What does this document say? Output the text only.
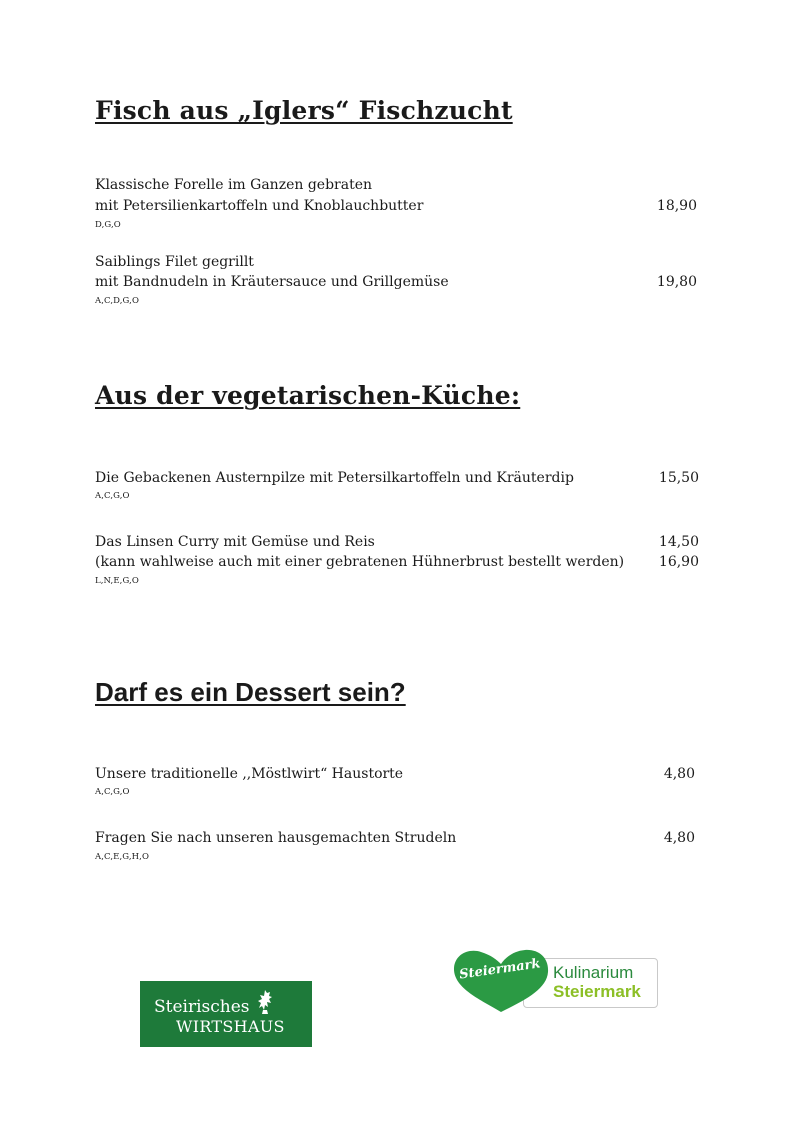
Fisch aus „Iglers“ Fischzucht
Klassische Forelle im Ganzen gebraten
mit Petersilienkartoffeln und Knoblauchbutter	18,90
D,G,O
Saiblings Filet gegrillt
mit Bandnudeln in Kräutersauce und Grillgemüse	19,80
A,C,D,G,O
Aus der vegetarischen-Küche:
Die Gebackenen Austernpilze mit Petersilkartoffeln und Kräuterdip	15,50
A,C,G,O
Das Linsen Curry mit Gemüse und Reis	14,50
(kann wahlweise auch mit einer gebratenen Hühnerbrust bestellt werden)	16,90
L,N,E,G,O
Darf es ein Dessert sein?
Unsere traditionelle ,,Möstlwirt“ Haustorte	4,80
A,C,G,O
Fragen Sie nach unseren hausgemachten Strudeln	4,80
A,C,E,G,H,O
Steirisches
WIRTSHAUS
Steiermark Kulinarium
Steiermark
